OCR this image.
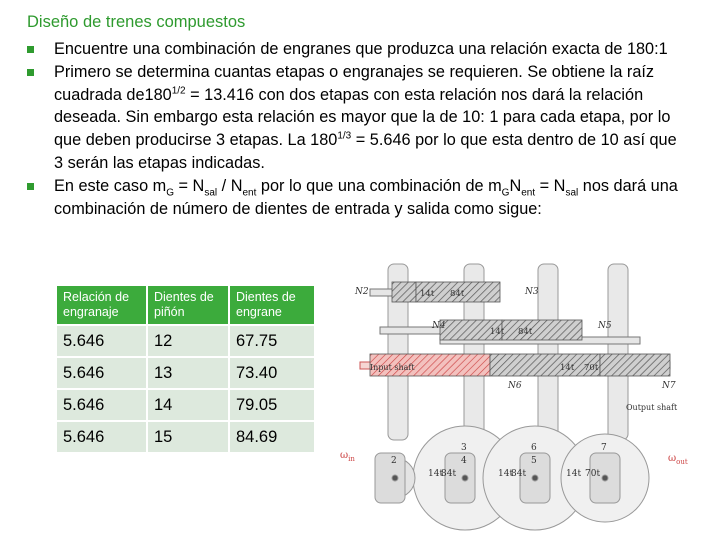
Diseño de trenes compuestos
Encuentre una combinación de engranes que produzca una relación exacta de 180:1
Primero se determina cuantas etapas o engranajes se requieren. Se obtiene la raíz cuadrada $de180^{1/2} = 13.416$ con dos etapas con esta relación nos dará la relación deseada. Sin embargo esta relación es mayor que la de 10: 1 para cada etapa, por lo que deben producirse 3 etapas. La $180^{1/3} = 5.646$ por lo que esta dentro de 10 así que 3 serán las etapas indicadas.
En este caso $m_G = N_{sal} / N_{ent}$ por lo que una combinación de $m_GN_{ent} = N_{sal}$ nos dará una combinación de número de dientes de entrada y salida como sigue:
Relación de engranaje	Dientes de piñón	Dientes de engrane
5.646	12	67.75
5.646	13	73.40
5.646	14	79.05
5.646	15	84.69
14t 84t
14t 84t
14t 70t
N2	N3
N4	N5
N6	N7
Input shaft
Output shaft
2
3
4	5
6	7
14t	14t	14t
84t	84t	70t
$\omega_{in}$	$\omega_{out}$
